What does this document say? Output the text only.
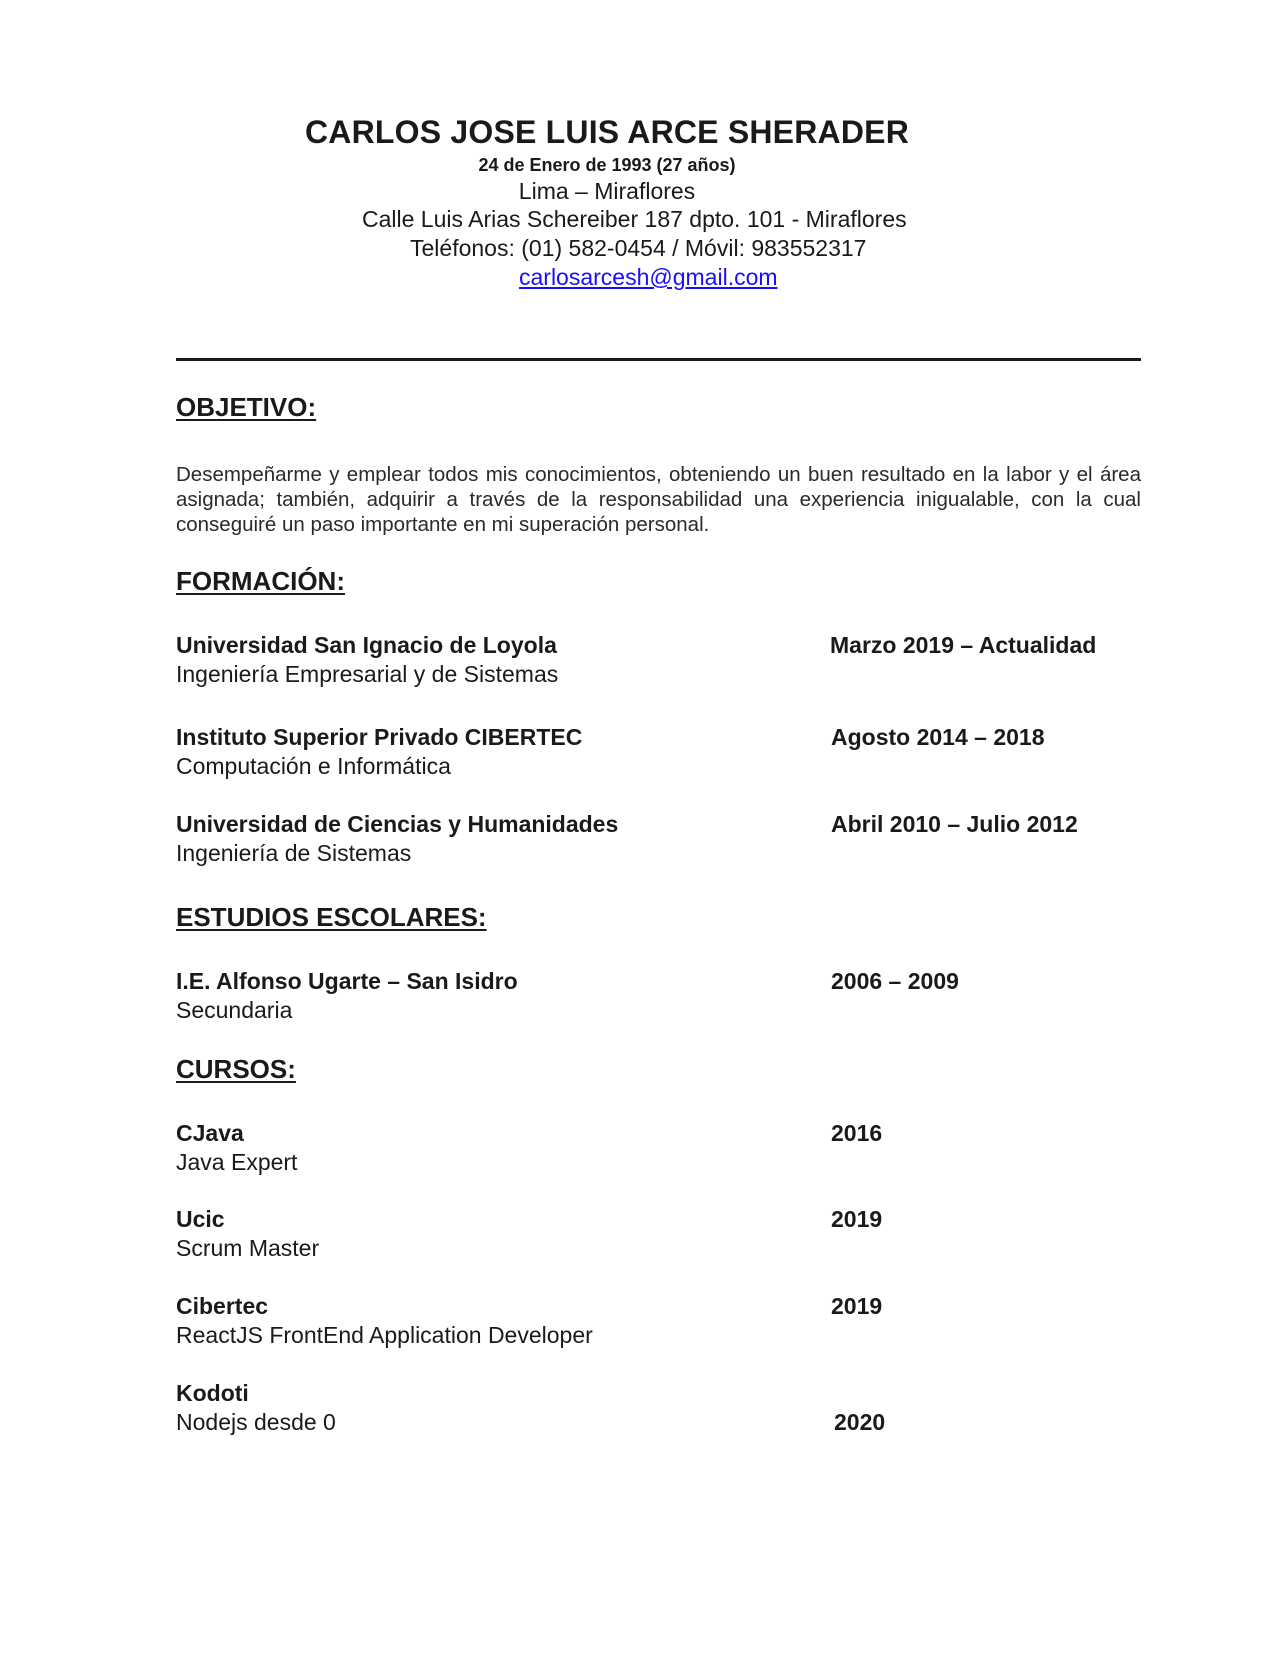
CARLOS JOSE LUIS ARCE SHERADER
24 de Enero de 1993 (27 años)
Lima – Miraflores
Calle Luis Arias Schereiber 187 dpto. 101 - Miraflores
Teléfonos: (01) 582-0454 / Móvil: 983552317
carlosarcesh@gmail.com
OBJETIVO:
Desempeñarme y emplear todos mis conocimientos, obteniendo un buen resultado en la labor y el área asignada; también, adquirir a través de la responsabilidad una experiencia inigualable, con la cual conseguiré un paso importante en mi superación personal.
FORMACIÓN:
Universidad San Ignacio de Loyola	Marzo 2019 – Actualidad
Ingeniería Empresarial y de Sistemas
Instituto Superior Privado CIBERTEC	Agosto 2014 – 2018
Computación e Informática
Universidad de Ciencias y Humanidades	Abril 2010 – Julio 2012
Ingeniería de Sistemas
ESTUDIOS ESCOLARES:
I.E. Alfonso Ugarte – San Isidro	2006 – 2009
Secundaria
CURSOS:
CJava	2016
Java Expert
Ucic	2019
Scrum Master
Cibertec	2019
ReactJS FrontEnd Application Developer
Kodoti
Nodejs desde 0	2020
